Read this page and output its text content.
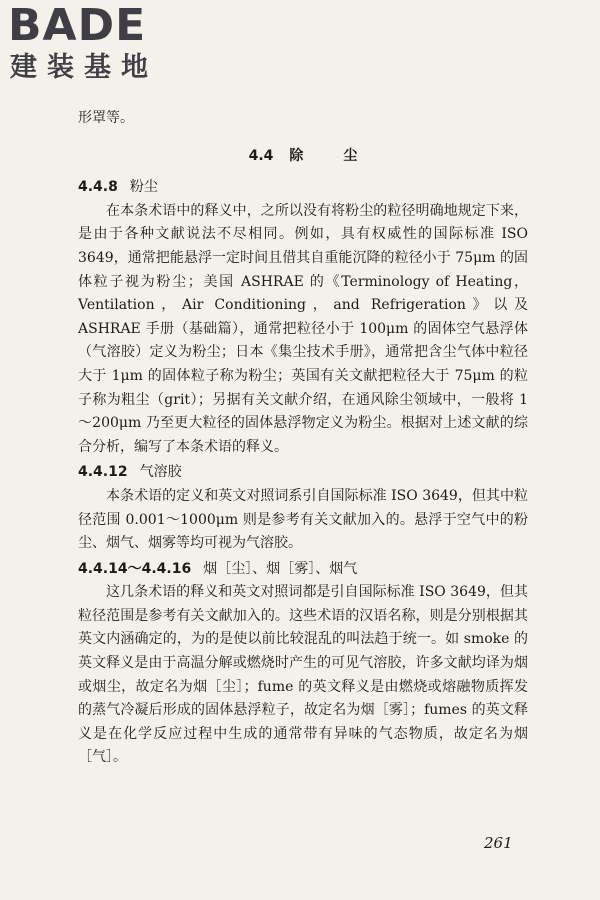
BADE
建装基地

形罩等。

4.4 除	尘

4.4.8 粉尘

在本条术语中的释义中，之所以没有将粉尘的粒径明确地规定下来，是由于各种文献说法不尽相同。例如，具有权威性的国际标准 ISO 3649，通常把能悬浮一定时间且借其自重能沉降的粒径小于 75μm 的固体粒子视为粉尘；美国 ASHRAE 的《Terminology of Heating，Ventilation，Air Conditioning，and Refrigeration》以及 ASHRAE 手册（基础篇），通常把粒径小于 100μm 的固体空气悬浮体（气溶胶）定义为粉尘；日本《集尘技术手册》，通常把含尘气体中粒径大于 1μm 的固体粒子称为粉尘；英国有关文献把粒径大于 75μm 的粒子称为粗尘（grit）；另据有关文献介绍，在通风除尘领域中，一般将 1～200μm 乃至更大粒径的固体悬浮物定义为粉尘。根据对上述文献的综合分析，编写了本条术语的释义。

4.4.12 气溶胶

本条术语的定义和英文对照词系引自国际标准 ISO 3649，但其中粒径范围 0.001～1000μm 则是参考有关文献加入的。悬浮于空气中的粉尘、烟气、烟雾等均可视为气溶胶。

4.4.14～4.4.16 烟［尘］、烟［雾］、烟气

这几条术语的释义和英文对照词都是引自国际标准 ISO 3649，但其粒径范围是参考有关文献加入的。这些术语的汉语名称，则是分别根据其英文内涵确定的，为的是使以前比较混乱的叫法趋于统一。如 smoke 的英文释义是由于高温分解或燃烧时产生的可见气溶胶，许多文献均译为烟或烟尘，故定名为烟［尘］；fume 的英文释义是由燃烧或熔融物质挥发的蒸气冷凝后形成的固体悬浮粒子，故定名为烟［雾］；fumes 的英文释义是在化学反应过程中生成的通常带有异味的气态物质，故定名为烟［气］。

261
